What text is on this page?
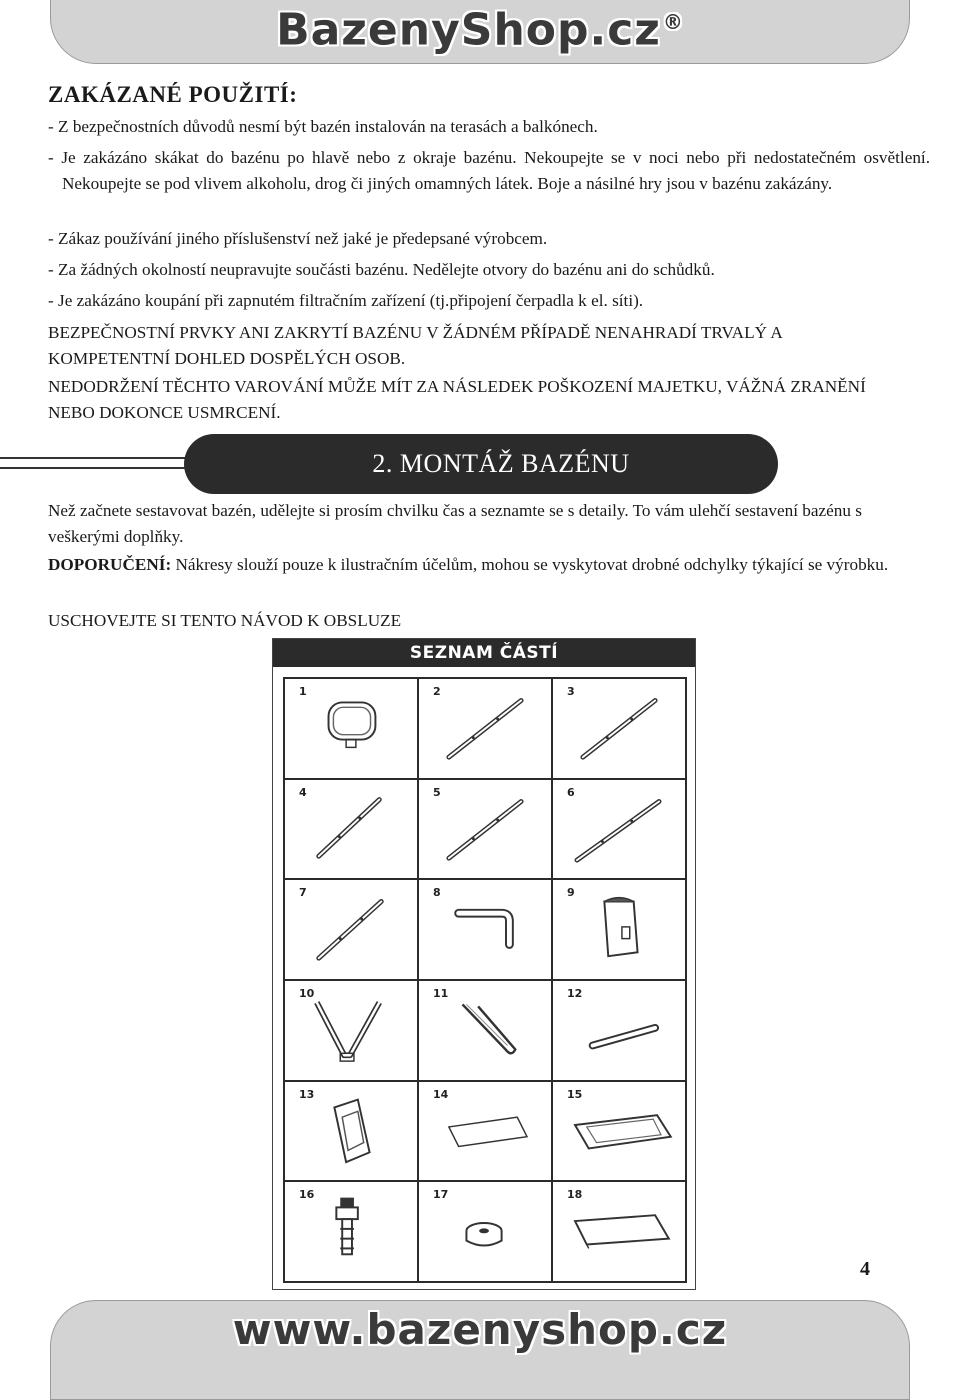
BazenyShop.cz ®
ZAKÁZANÉ POUŽITÍ:

- Z bezpečnostních důvodů nesmí být bazén instalován na terasách a balkónech.

- Je zakázáno skákat do bazénu po hlavě nebo z okraje bazénu. Nekoupejte se v noci nebo při nedostatečném osvětlení. Nekoupejte se pod vlivem alkoholu, drog či jiných omamných látek. Boje a násilné hry jsou v bazénu zakázány.

- Zákaz používání jiného příslušenství než jaké je předepsané výrobcem.

- Za žádných okolností neupravujte součásti bazénu. Nedělejte otvory do bazénu ani do schůdků.

- Je zakázáno koupání při zapnutém filtračním zařízení (tj.připojení čerpadla k el. síti).

BEZPEČNOSTNÍ PRVKY ANI ZAKRYTÍ BAZÉNU V ŽÁDNÉM PŘÍPADĚ NENAHRADÍ TRVALÝ A KOMPETENTNÍ DOHLED DOSPĚLÝCH OSOB.

NEDODRŽENÍ TĚCHTO VAROVÁNÍ MŮŽE MÍT ZA NÁSLEDEK POŠKOZENÍ MAJETKU, VÁŽNÁ ZRANĚNÍ NEBO DOKONCE USMRCENÍ.

2. MONTÁŽ BAZÉNU

Než začnete sestavovat bazén, udělejte si prosím chvilku čas a seznamte se s detaily. To vám ulehčí sestavení bazénu s veškerými doplňky.

DOPORUČENÍ: Nákresy slouží pouze k ilustračním účelům, mohou se vyskytovat drobné odchylky týkající se výrobku.

USCHOVEJTE SI TENTO NÁVOD K OBSLUZE

SEZNAM ČÁSTÍ
1	2	3
4	5	6
7	8	9
10	11	12
13	14	15
16	17	18
4
www.bazenyshop.cz
